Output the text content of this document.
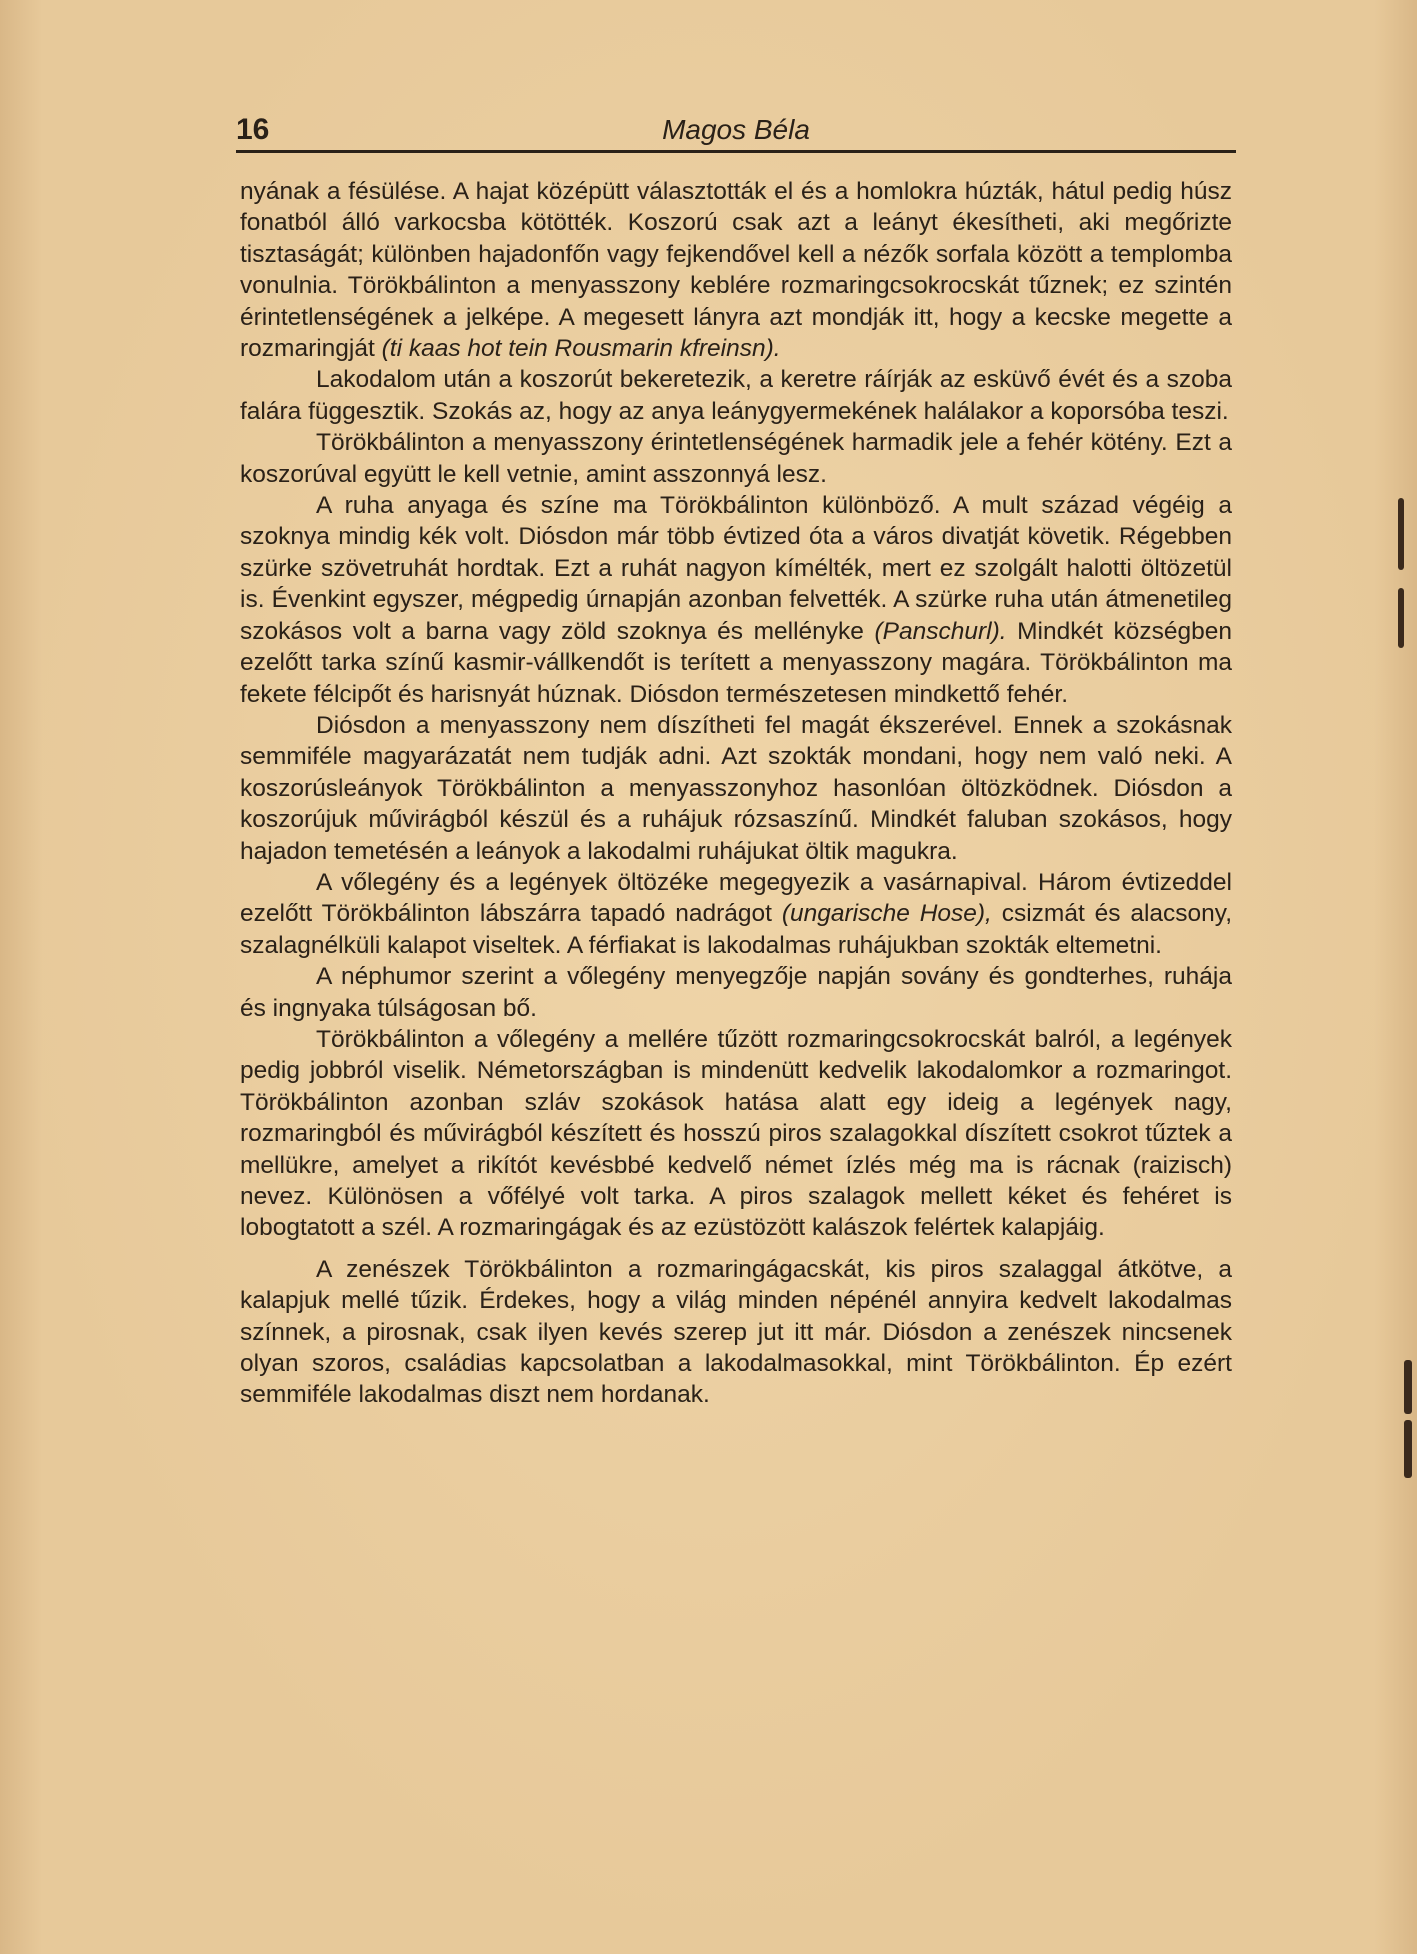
16	Magos Béla

nyának a fésülése. A hajat középütt választották el és a homlokra húzták, hátul pedig húsz fonatból álló varkocsba kötötték. Koszorú csak azt a leányt ékesítheti, aki megőrizte tisztaságát; különben hajadonfőn vagy fejkendővel kell a nézők sorfala között a templomba vonulnia. Törökbálinton a menyasszony keblére rozmaringcsokrocskát tűznek; ez szintén érintetlenségének a jelképe. A megesett lányra azt mondják itt, hogy a kecske megette a rozmaringját (ti kaas hot tein Rousmarin kfreinsn).

Lakodalom után a koszorút bekeretezik, a keretre ráírják az esküvő évét és a szoba falára függesztik. Szokás az, hogy az anya leánygyermekének halálakor a koporsóba teszi.

Törökbálinton a menyasszony érintetlenségének harmadik jele a fehér kötény. Ezt a koszorúval együtt le kell vetnie, amint asszonnyá lesz.

A ruha anyaga és színe ma Törökbálinton különböző. A mult század végéig a szoknya mindig kék volt. Diósdon már több évtized óta a város divatját követik. Régebben szürke szövetruhát hordtak. Ezt a ruhát nagyon kímélték, mert ez szolgált halotti öltözetül is. Évenkint egyszer, mégpedig úrnapján azonban felvették. A szürke ruha után átmenetileg szokásos volt a barna vagy zöld szoknya és mellényke (Panschurl). Mindkét községben ezelőtt tarka színű kasmir-vállkendőt is terített a menyasszony magára. Törökbálinton ma fekete félcipőt és harisnyát húznak. Diósdon természetesen mindkettő fehér.

Diósdon a menyasszony nem díszítheti fel magát ékszerével. Ennek a szokásnak semmiféle magyarázatát nem tudják adni. Azt szokták mondani, hogy nem való neki. A koszorúsleányok Törökbálinton a menyasszonyhoz hasonlóan öltözködnek. Diósdon a koszorújuk művirágból készül és a ruhájuk rózsaszínű. Mindkét faluban szokásos, hogy hajadon temetésén a leányok a lakodalmi ruhájukat öltik magukra.

A vőlegény és a legények öltözéke megegyezik a vasárnapival. Három évtizeddel ezelőtt Törökbálinton lábszárra tapadó nadrágot (ungarische Hose), csizmát és alacsony, szalagnélküli kalapot viseltek. A férfiakat is lakodalmas ruhájukban szokták eltemetni.

A néphumor szerint a vőlegény menyegzője napján sovány és gondterhes, ruhája és ingnyaka túlságosan bő.

Törökbálinton a vőlegény a mellére tűzött rozmaringcsokrocskát balról, a legények pedig jobbról viselik. Németországban is mindenütt kedvelik lakodalomkor a rozmaringot. Törökbálinton azonban szláv szokások hatása alatt egy ideig a legények nagy, rozmaringból és művirágból készített és hosszú piros szalagokkal díszített csokrot tűztek a mellükre, amelyet a rikítót kevésbbé kedvelő német ízlés még ma is rácnak (raizisch) nevez. Különösen a vőfélyé volt tarka. A piros szalagok mellett kéket és fehéret is lobogtatott a szél. A rozmaringágak és az ezüstözött kalászok felértek kalapjáig.

A zenészek Törökbálinton a rozmaringágacskát, kis piros szalaggal átkötve, a kalapjuk mellé tűzik. Érdekes, hogy a világ minden népénél annyira kedvelt lakodalmas színnek, a pirosnak, csak ilyen kevés szerep jut itt már. Diósdon a zenészek nincsenek olyan szoros, családias kapcsolatban a lakodalmasokkal, mint Törökbálinton. Ép ezért semmiféle lakodalmas diszt nem hordanak.
